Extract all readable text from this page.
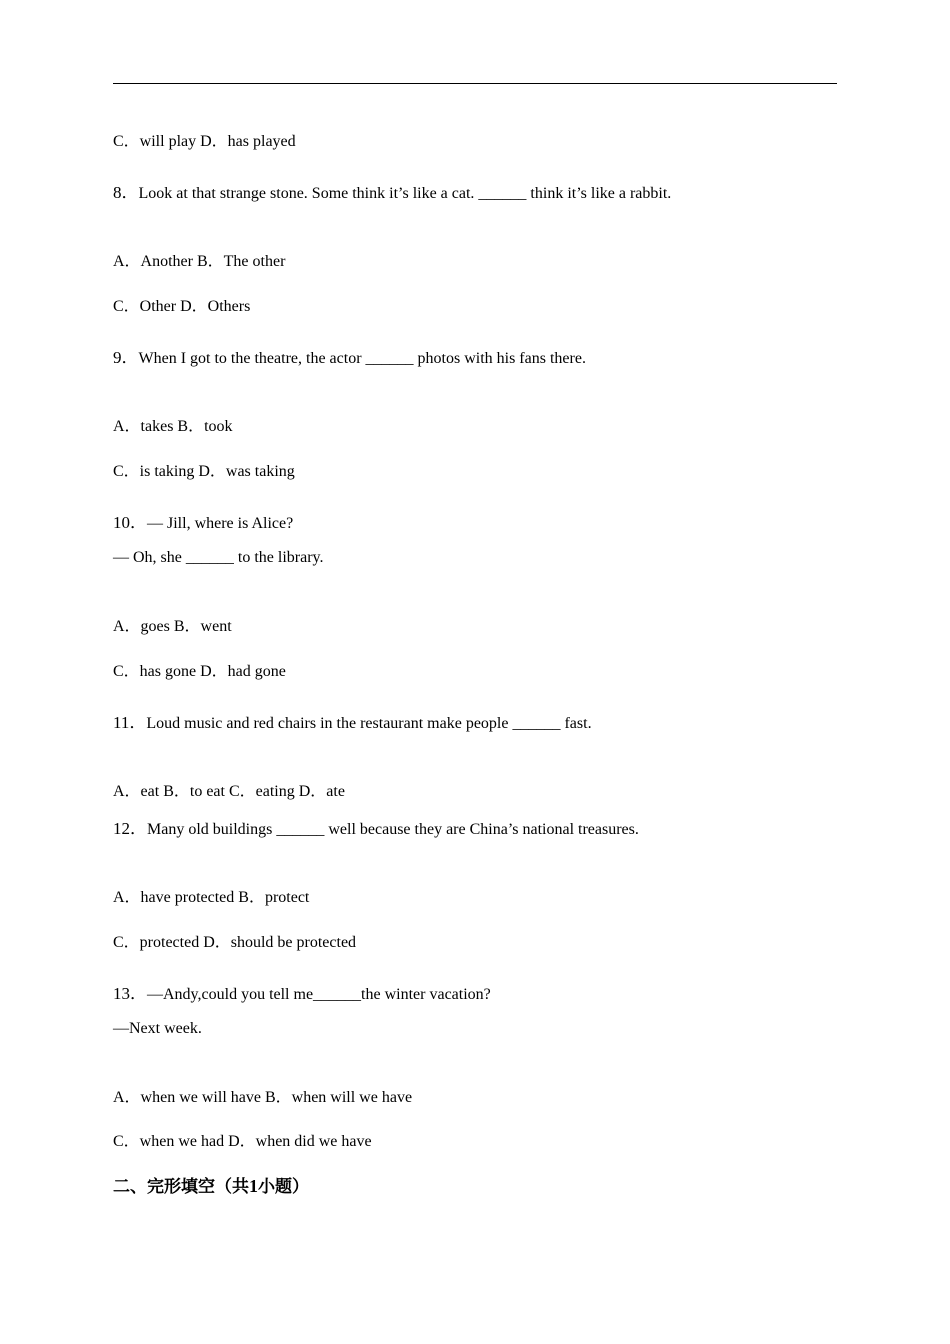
C．will play D．has played
8．Look at that strange stone. Some think it’s like a cat. ______ think it’s like a rabbit.
A．Another B．The other
C．Other D．Others
9．When I got to the theatre, the actor ______ photos with his fans there.
A．takes B．took
C．is taking D．was taking
10．— Jill, where is Alice?
— Oh, she ______ to the library.
A．goes B．went
C．has gone D．had gone
11．Loud music and red chairs in the restaurant make people ______ fast.
A．eat B．to eat C．eating D．ate
12．Many old buildings ______ well because they are China’s national treasures.
A．have protected B．protect
C．protected D．should be protected
13．—Andy,could you tell me______the winter vacation?
—Next week.
A．when we will have B．when will we have
C．when we had D．when did we have
二、完形填空（共1小题）
